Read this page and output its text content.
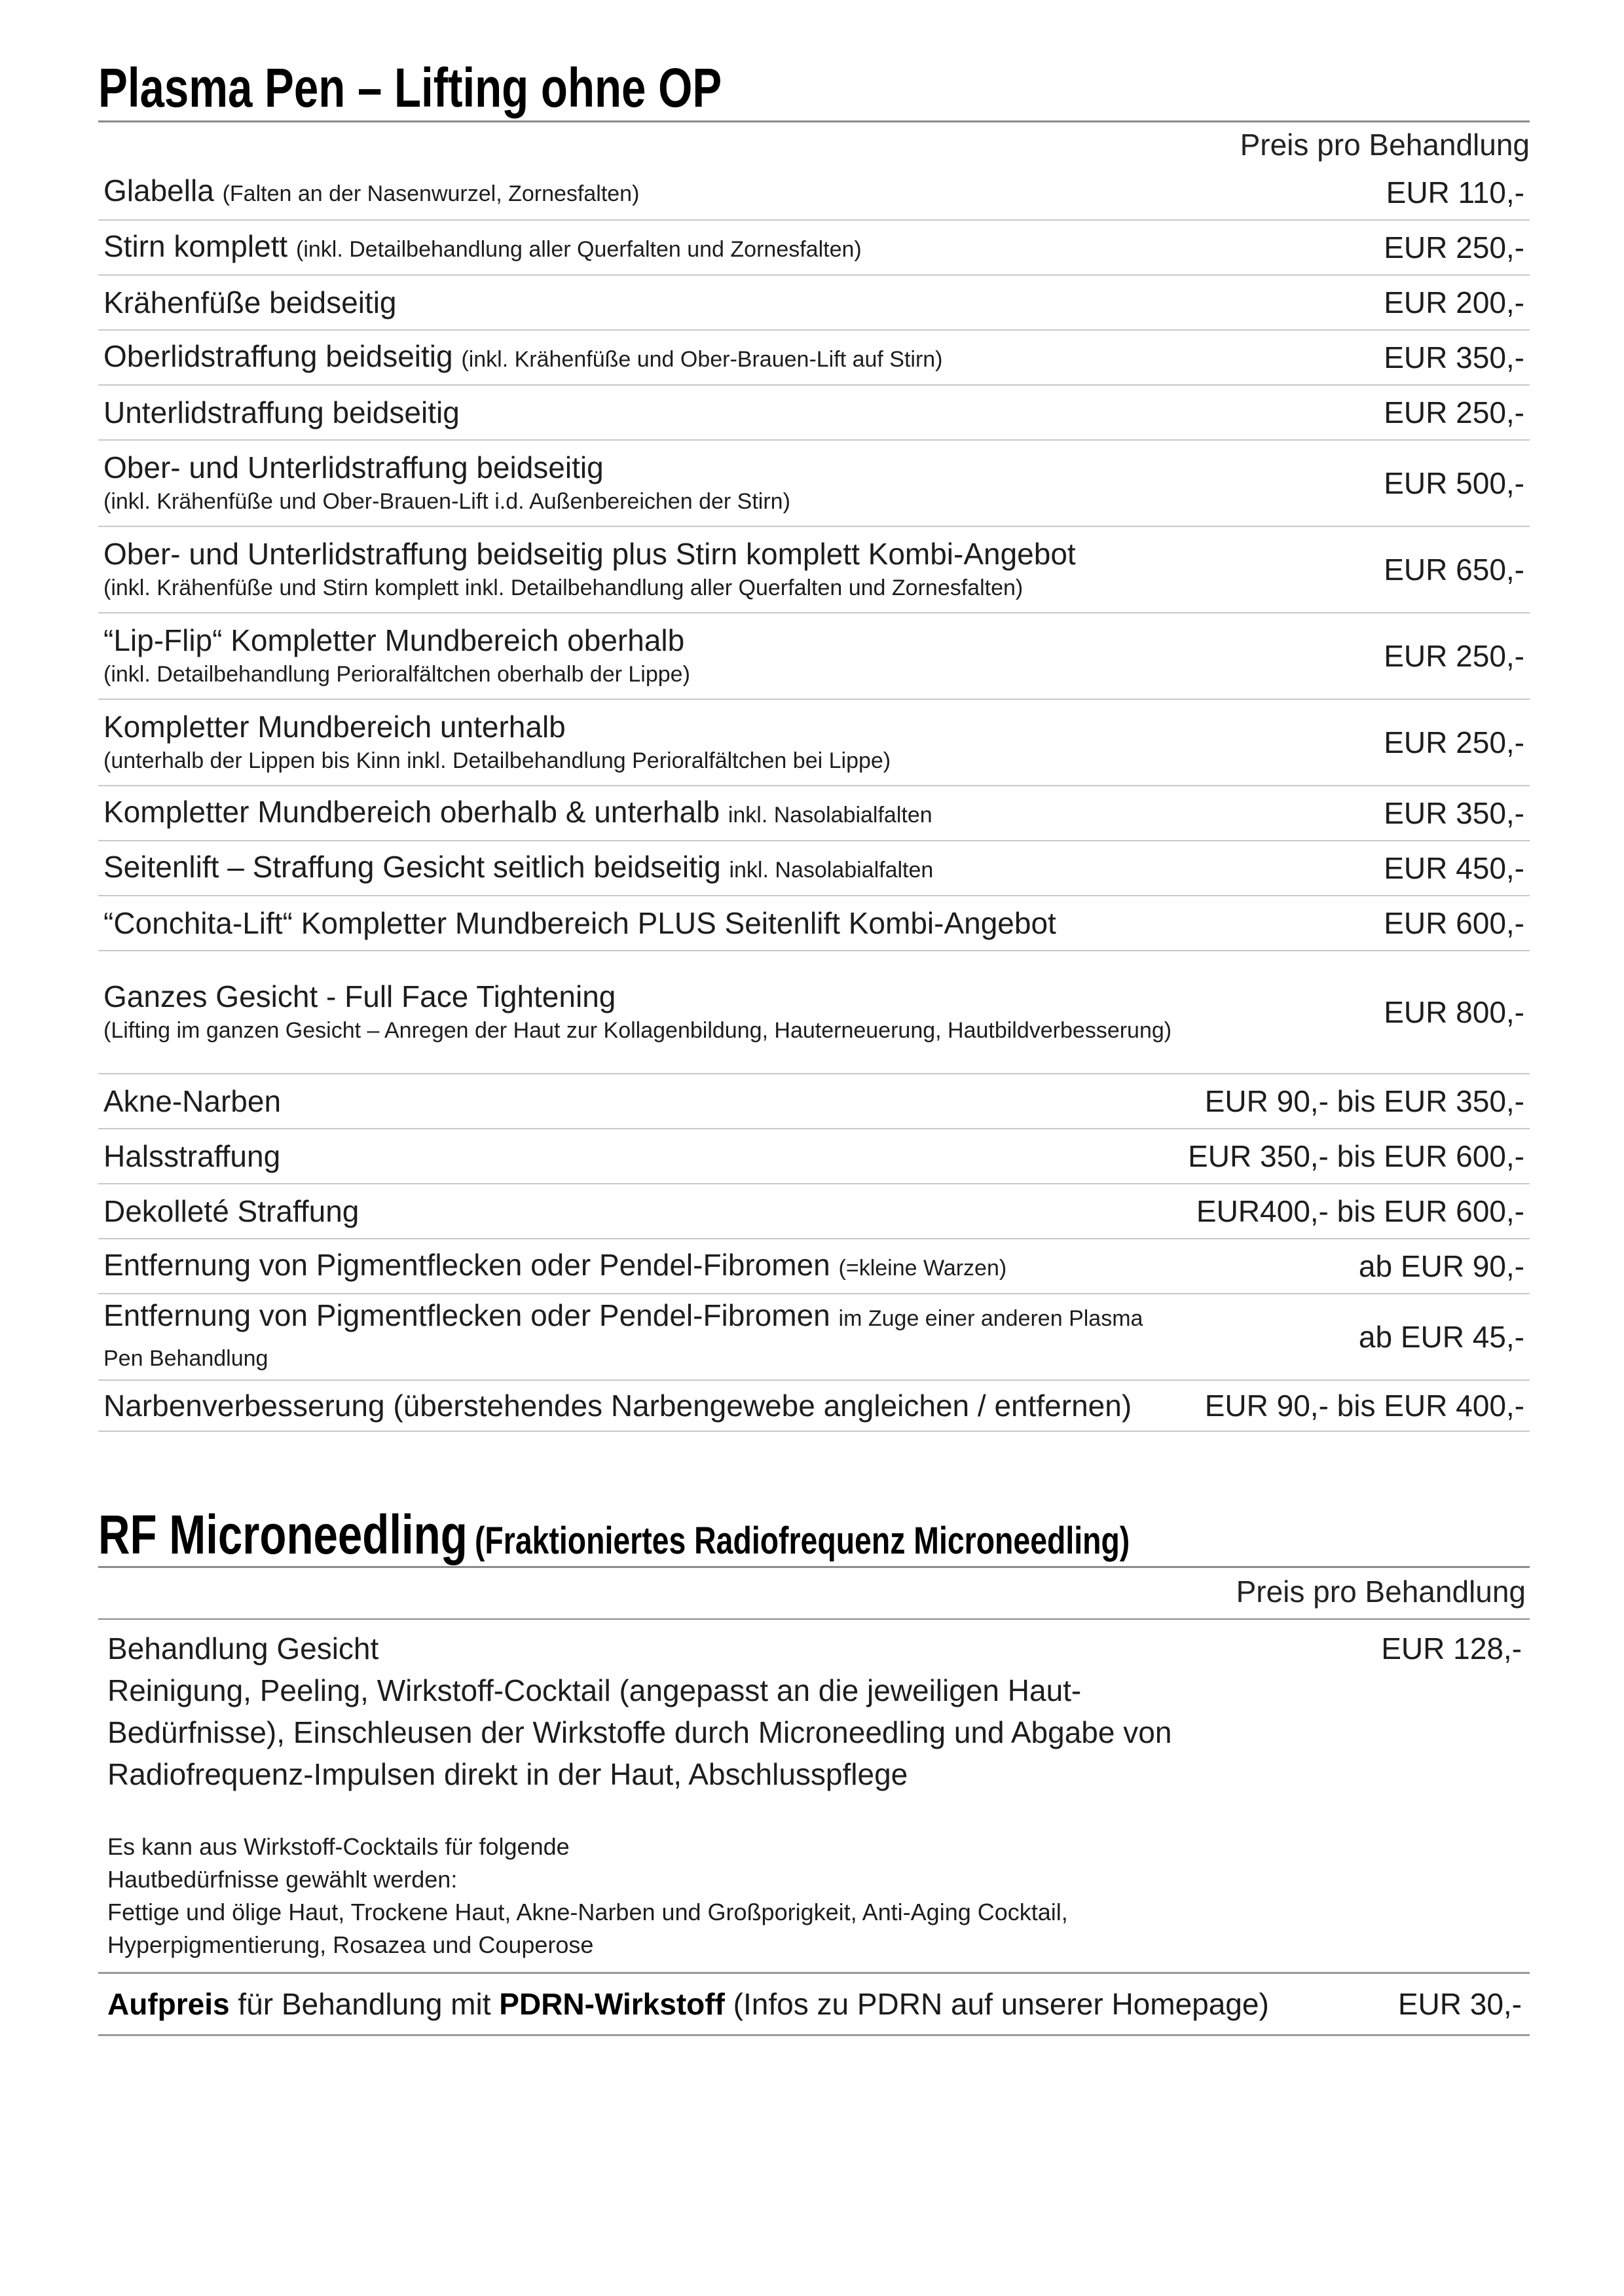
Plasma Pen – Lifting ohne OP
Preis pro Behandlung
Glabella (Falten an der Nasenwurzel, Zornesfalten)	EUR 110,-

Stirn komplett (inkl. Detailbehandlung aller Querfalten und Zornesfalten)	EUR 250,-

Krähenfüße beidseitig	EUR 200,-

Oberlidstraffung beidseitig (inkl. Krähenfüße und Ober-Brauen-Lift auf Stirn)	EUR 350,-

Unterlidstraffung beidseitig	EUR 250,-

Ober- und Unterlidstraffung beidseitig
(inkl. Krähenfüße und Ober-Brauen-Lift i.d. Außenbereichen der Stirn)	EUR 500,-

Ober- und Unterlidstraffung beidseitig plus Stirn komplett Kombi-Angebot
(inkl. Krähenfüße und Stirn komplett inkl. Detailbehandlung aller Querfalten und Zornesfalten)	EUR 650,-

“Lip-Flip“ Kompletter Mundbereich oberhalb
(inkl. Detailbehandlung Perioralfältchen oberhalb der Lippe)	EUR 250,-

Kompletter Mundbereich unterhalb
(unterhalb der Lippen bis Kinn inkl. Detailbehandlung Perioralfältchen bei Lippe)	EUR 250,-

Kompletter Mundbereich oberhalb & unterhalb inkl. Nasolabialfalten	EUR 350,-

Seitenlift – Straffung Gesicht seitlich beidseitig inkl. Nasolabialfalten	EUR 450,-

“Conchita-Lift“ Kompletter Mundbereich PLUS Seitenlift Kombi-Angebot	EUR 600,-

Ganzes Gesicht - Full Face Tightening
(Lifting im ganzen Gesicht – Anregen der Haut zur Kollagenbildung, Hauterneuerung, Hautbildverbesserung)	EUR 800,-

Akne-Narben	EUR 90,- bis EUR 350,-

Halsstraffung	EUR 350,- bis EUR 600,-

Dekolleté Straffung	EUR400,- bis EUR 600,-

Entfernung von Pigmentflecken oder Pendel-Fibromen (=kleine Warzen)	ab EUR 90,-

Entfernung von Pigmentflecken oder Pendel-Fibromen im Zuge einer anderen Plasma Pen Behandlung	ab EUR 45,-

Narbenverbesserung (überstehendes Narbengewebe angleichen / entfernen)	EUR 90,- bis EUR 400,-
RF Microneedling (Fraktioniertes Radiofrequenz Microneedling)
Preis pro Behandlung
Behandlung Gesicht
Reinigung, Peeling, Wirkstoff-Cocktail (angepasst an die jeweiligen Haut-Bedürfnisse), Einschleusen der Wirkstoffe durch Microneedling und Abgabe von Radiofrequenz-Impulsen direkt in der Haut, Abschlusspflege
EUR 128,-
Es kann aus Wirkstoff-Cocktails für folgende
Hautbedürfnisse gewählt werden:
Fettige und ölige Haut, Trockene Haut, Akne-Narben und Großporigkeit, Anti-Aging Cocktail, Hyperpigmentierung, Rosazea und Couperose
Aufpreis für Behandlung mit PDRN-Wirkstoff (Infos zu PDRN auf unserer Homepage)	EUR 30,-
